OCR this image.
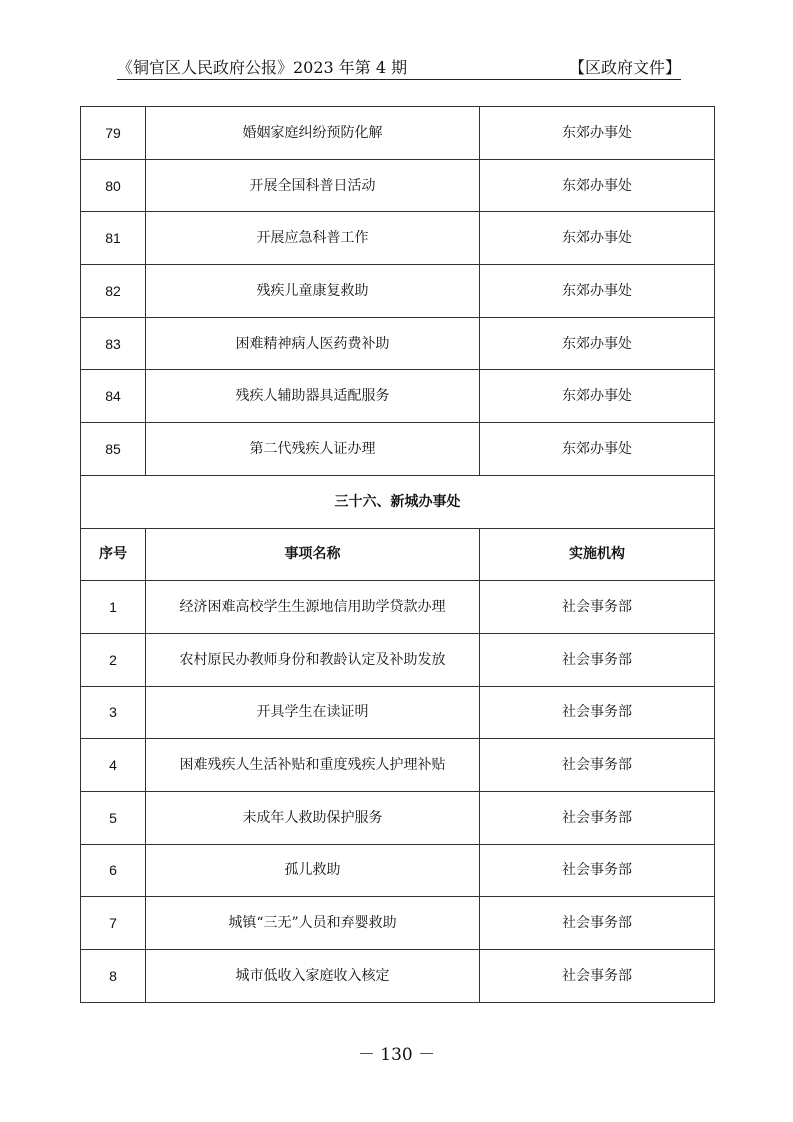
《铜官区人民政府公报》2023 年第 4 期	【区政府文件】
79	婚姻家庭纠纷预防化解	东郊办事处
80	开展全国科普日活动	东郊办事处
81	开展应急科普工作	东郊办事处
82	残疾儿童康复救助	东郊办事处
83	困难精神病人医药费补助	东郊办事处
84	残疾人辅助器具适配服务	东郊办事处
85	第二代残疾人证办理	东郊办事处
三十六、新城办事处		
序号	事项名称	实施机构
1	经济困难高校学生生源地信用助学贷款办理	社会事务部
2	农村原民办教师身份和教龄认定及补助发放	社会事务部
3	开具学生在读证明	社会事务部
4	困难残疾人生活补贴和重度残疾人护理补贴	社会事务部
5	未成年人救助保护服务	社会事务部
6	孤儿救助	社会事务部
7	城镇“三无”人员和弃婴救助	社会事务部
8	城市低收入家庭收入核定	社会事务部
－ 130 －
